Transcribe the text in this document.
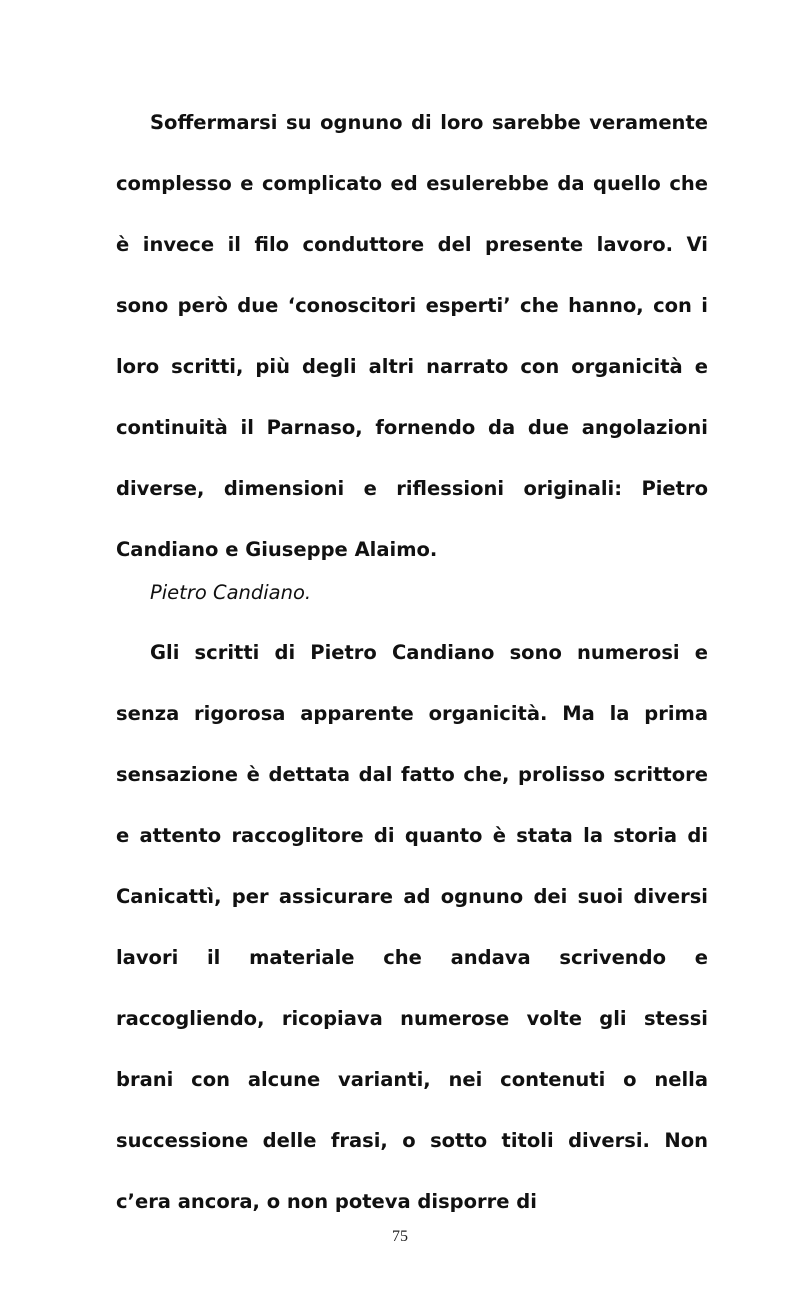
Soffermarsi su ognuno di loro sarebbe veramente complesso e complicato ed esulerebbe da quello che è invece il filo conduttore del presente lavoro. Vi sono però due ‘conoscitori esperti’ che hanno, con i loro scritti, più degli altri narrato con organicità e continuità il Parnaso, fornendo da due angolazioni diverse, dimensioni e riflessioni originali: Pietro Candiano e Giuseppe Alaimo.

Pietro Candiano.

Gli scritti di Pietro Candiano sono numerosi e senza rigorosa apparente organicità. Ma la prima sensazione è dettata dal fatto che, prolisso scrittore e attento raccoglitore di quanto è stata la storia di Canicattì, per assicurare ad ognuno dei suoi diversi lavori il materiale che andava scrivendo e raccogliendo, ricopiava numerose volte gli stessi brani con alcune varianti, nei contenuti o nella successione delle frasi, o sotto titoli diversi. Non c’era ancora, o non poteva disporre di

75
